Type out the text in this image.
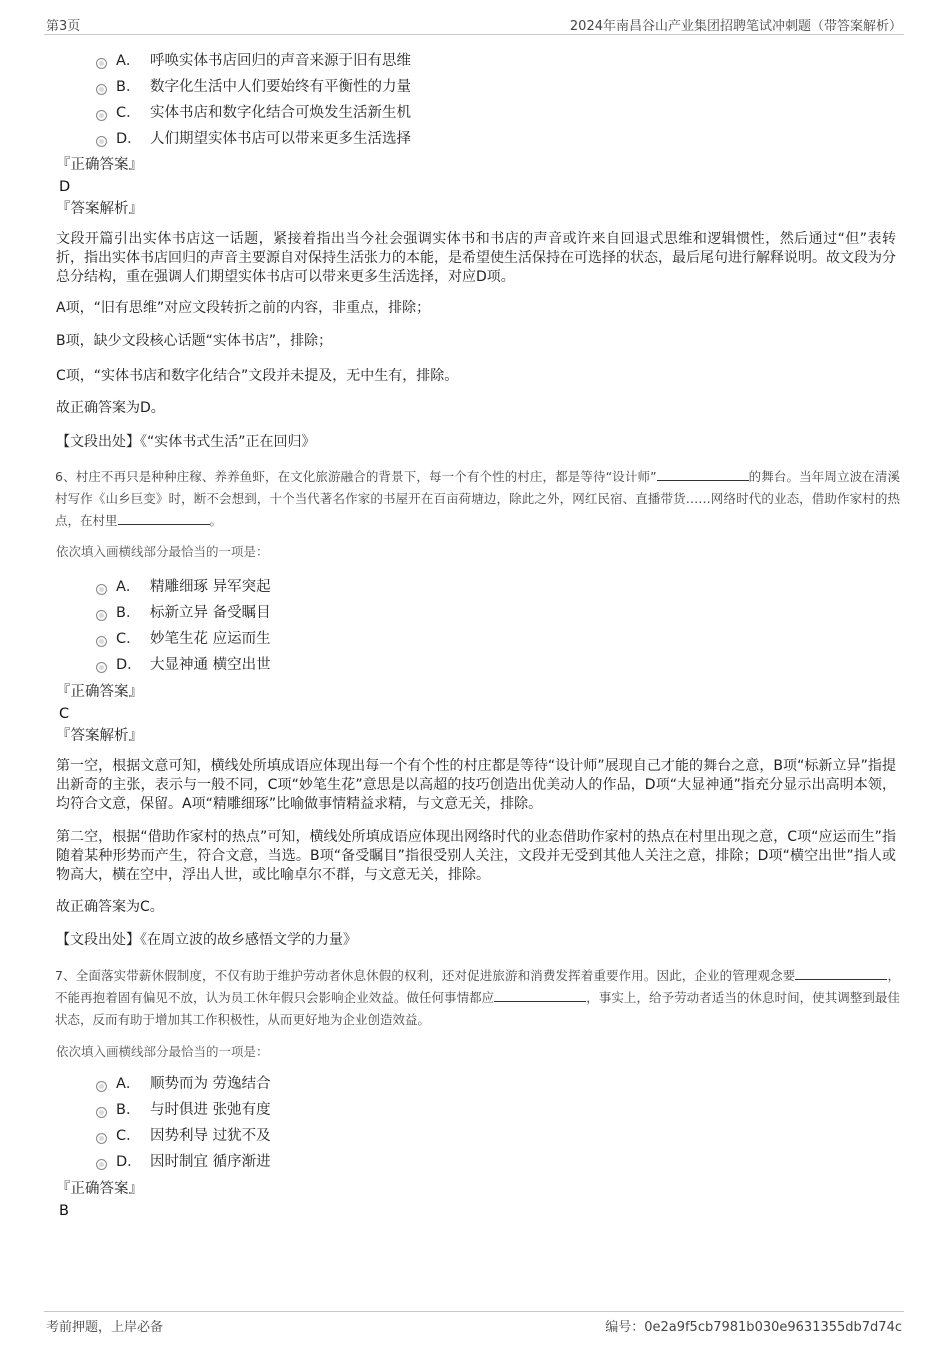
第3页	2024年南昌谷山产业集团招聘笔试冲刺题（带答案解析）
A． 呼唤实体书店回归的声音来源于旧有思维
B． 数字化生活中人们要始终有平衡性的力量
C． 实体书店和数字化结合可焕发生活新生机
D． 人们期望实体书店可以带来更多生活选择
『正确答案』
D
『答案解析』

文段开篇引出实体书店这一话题，紧接着指出当今社会强调实体书和书店的声音或许来自回退式思维和逻辑惯性，然后通过“但”表转折，指出实体书店回归的声音主要源自对保持生活张力的本能，是希望使生活保持在可选择的状态，最后尾句进行解释说明。故文段为分总分结构，重在强调人们期望实体书店可以带来更多生活选择，对应D项。

A项，“旧有思维”对应文段转折之前的内容，非重点，排除；

B项，缺少文段核心话题“实体书店”，排除；

C项，“实体书店和数字化结合”文段并未提及，无中生有，排除。

故正确答案为D。

【文段出处】《“实体书式生活”正在回归》

6、村庄不再只是种种庄稼、养养鱼虾，在文化旅游融合的背景下，每一个有个性的村庄，都是等待“设计师”	的舞台。当年周立波在清溪村写作《山乡巨变》时，断不会想到，十个当代著名作家的书屋开在百亩荷塘边，除此之外，网红民宿、直播带货……网络时代的业态，借助作家村的热点，在村里	。

依次填入画横线部分最恰当的一项是：
A． 精雕细琢 异军突起
B． 标新立异 备受瞩目
C． 妙笔生花 应运而生
D． 大显神通 横空出世
『正确答案』
C
『答案解析』

第一空，根据文意可知，横线处所填成语应体现出每一个有个性的村庄都是等待“设计师”展现自己才能的舞台之意，B项“标新立异”指提出新奇的主张，表示与一般不同，C项“妙笔生花”意思是以高超的技巧创造出优美动人的作品，D项“大显神通”指充分显示出高明本领，均符合文意，保留。A项“精雕细琢”比喻做事情精益求精，与文意无关，排除。

第二空，根据“借助作家村的热点”可知，横线处所填成语应体现出网络时代的业态借助作家村的热点在村里出现之意，C项“应运而生”指随着某种形势而产生，符合文意，当选。B项“备受瞩目”指很受别人关注，文段并无受到其他人关注之意，排除；D项“横空出世”指人或物高大，横在空中，浮出人世，或比喻卓尔不群，与文意无关，排除。

故正确答案为C。

【文段出处】《在周立波的故乡感悟文学的力量》

7、全面落实带薪休假制度，不仅有助于维护劳动者休息休假的权利，还对促进旅游和消费发挥着重要作用。因此，企业的管理观念要	，不能再抱着固有偏见不放，认为员工休年假只会影响企业效益。做任何事情都应	，事实上，给予劳动者适当的休息时间，使其调整到最佳状态，反而有助于增加其工作积极性，从而更好地为企业创造效益。

依次填入画横线部分最恰当的一项是：
A． 顺势而为 劳逸结合
B． 与时俱进 张弛有度
C． 因势利导 过犹不及
D． 因时制宜 循序渐进
『正确答案』
B
考前押题，上岸必备	编号：0e2a9f5cb7981b030e9631355db7d74c
